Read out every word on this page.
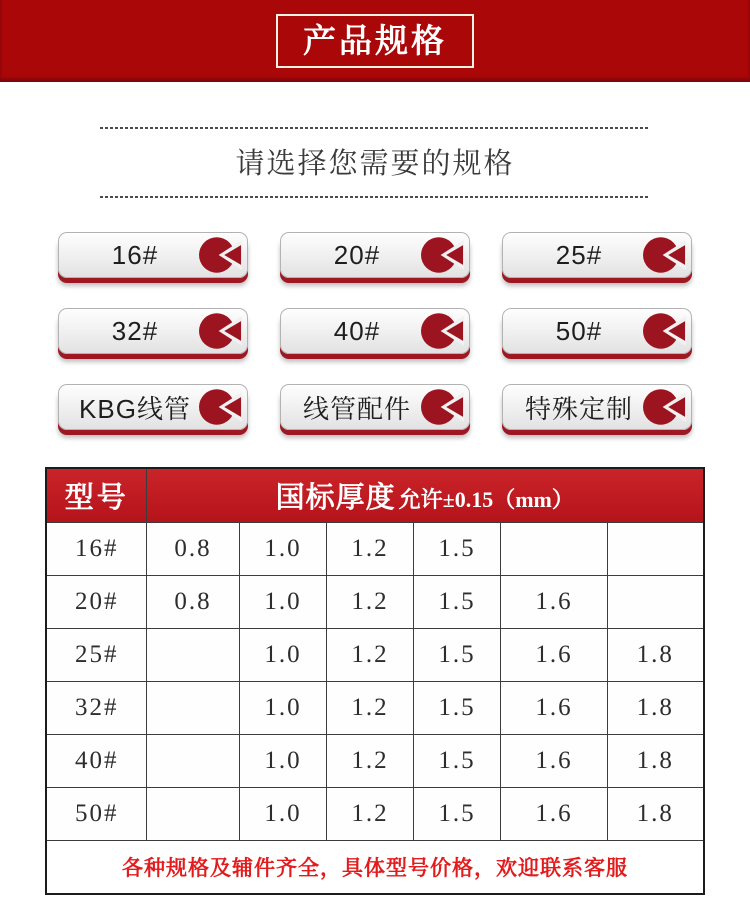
产品规格
请选择您需要的规格
16#	20#	25#
32#	40#	50#
KBG线管	线管配件	特殊定制
型号	国标厚度 允许±0.15（mm）					
16#	0.8	1.0	1.2	1.5		
20#	0.8	1.0	1.2	1.5	1.6	
25#		1.0	1.2	1.5	1.6	1.8
32#		1.0	1.2	1.5	1.6	1.8
40#		1.0	1.2	1.5	1.6	1.8
50#		1.0	1.2	1.5	1.6	1.8
各种规格及辅件齐全，具体型号价格，欢迎联系客服						
